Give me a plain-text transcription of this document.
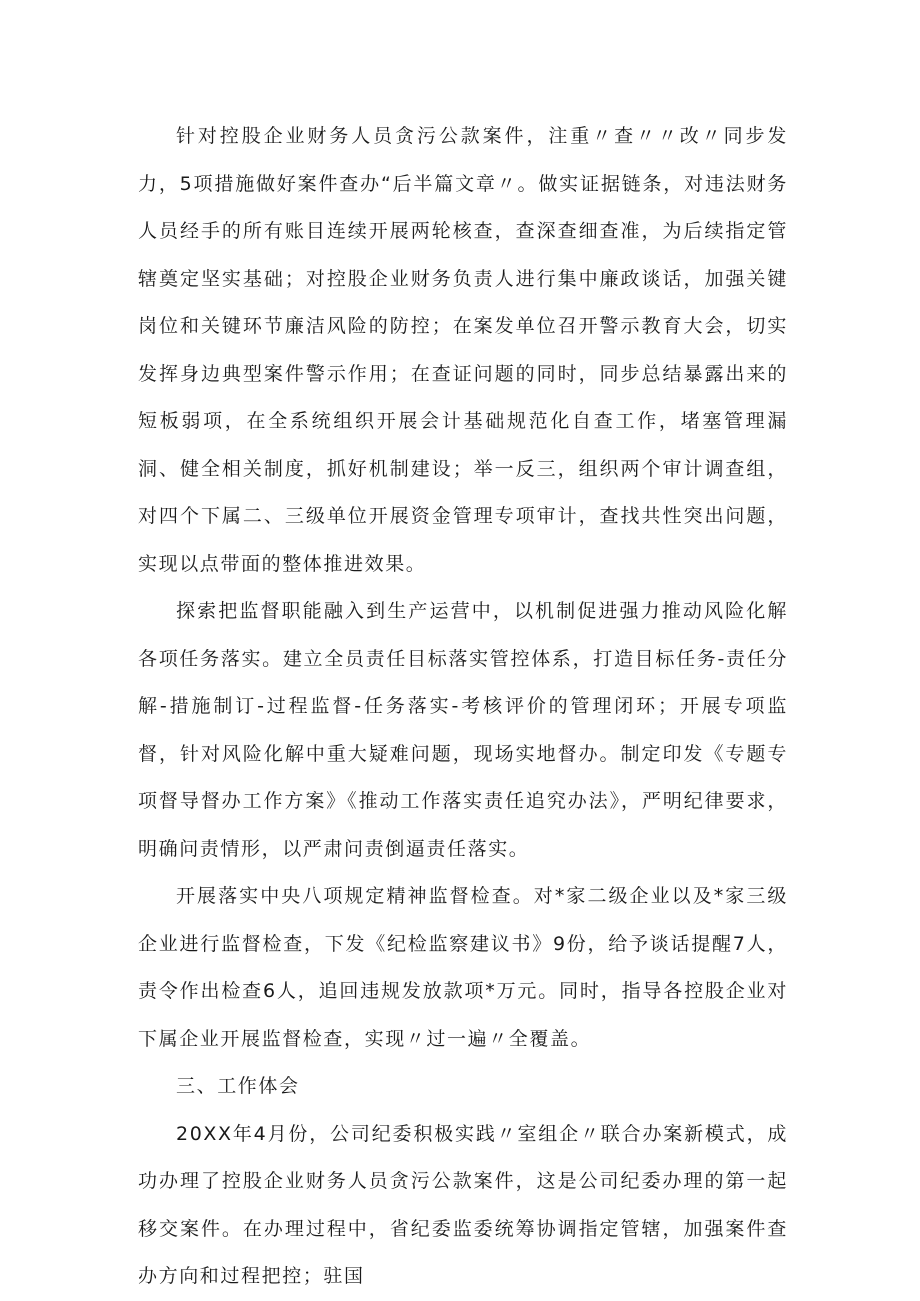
针对控股企业财务人员贪污公款案件，注重〃查〃〃改〃同步发力，5项措施做好案件查办“后半篇文章〃。做实证据链条，对违法财务人员经手的所有账目连续开展两轮核查，查深查细查准，为后续指定管辖奠定坚实基础；对控股企业财务负责人进行集中廉政谈话，加强关键岗位和关键环节廉洁风险的防控；在案发单位召开警示教育大会，切实发挥身边典型案件警示作用；在查证问题的同时，同步总结暴露出来的短板弱项，在全系统组织开展会计基础规范化自查工作，堵塞管理漏洞、健全相关制度，抓好机制建设；举一反三，组织两个审计调查组，对四个下属二、三级单位开展资金管理专项审计，查找共性突出问题，实现以点带面的整体推进效果。

探索把监督职能融入到生产运营中，以机制促进强力推动风险化解各项任务落实。建立全员责任目标落实管控体系，打造目标任务-责任分解-措施制订-过程监督-任务落实-考核评价的管理闭环；开展专项监督，针对风险化解中重大疑难问题，现场实地督办。制定印发《专题专项督导督办工作方案》《推动工作落实责任追究办法》，严明纪律要求，明确问责情形，以严肃问责倒逼责任落实。

开展落实中央八项规定精神监督检查。对*家二级企业以及*家三级企业进行监督检查，下发《纪检监察建议书》9份，给予谈话提醒7人，责令作出检查6人，追回违规发放款项*万元。同时，指导各控股企业对下属企业开展监督检查，实现〃过一遍〃全覆盖。

三、工作体会

20XX年4月份，公司纪委积极实践〃室组企〃联合办案新模式，成功办理了控股企业财务人员贪污公款案件，这是公司纪委办理的第一起移交案件。在办理过程中，省纪委监委统筹协调指定管辖，加强案件查办方向和过程把控；驻国
